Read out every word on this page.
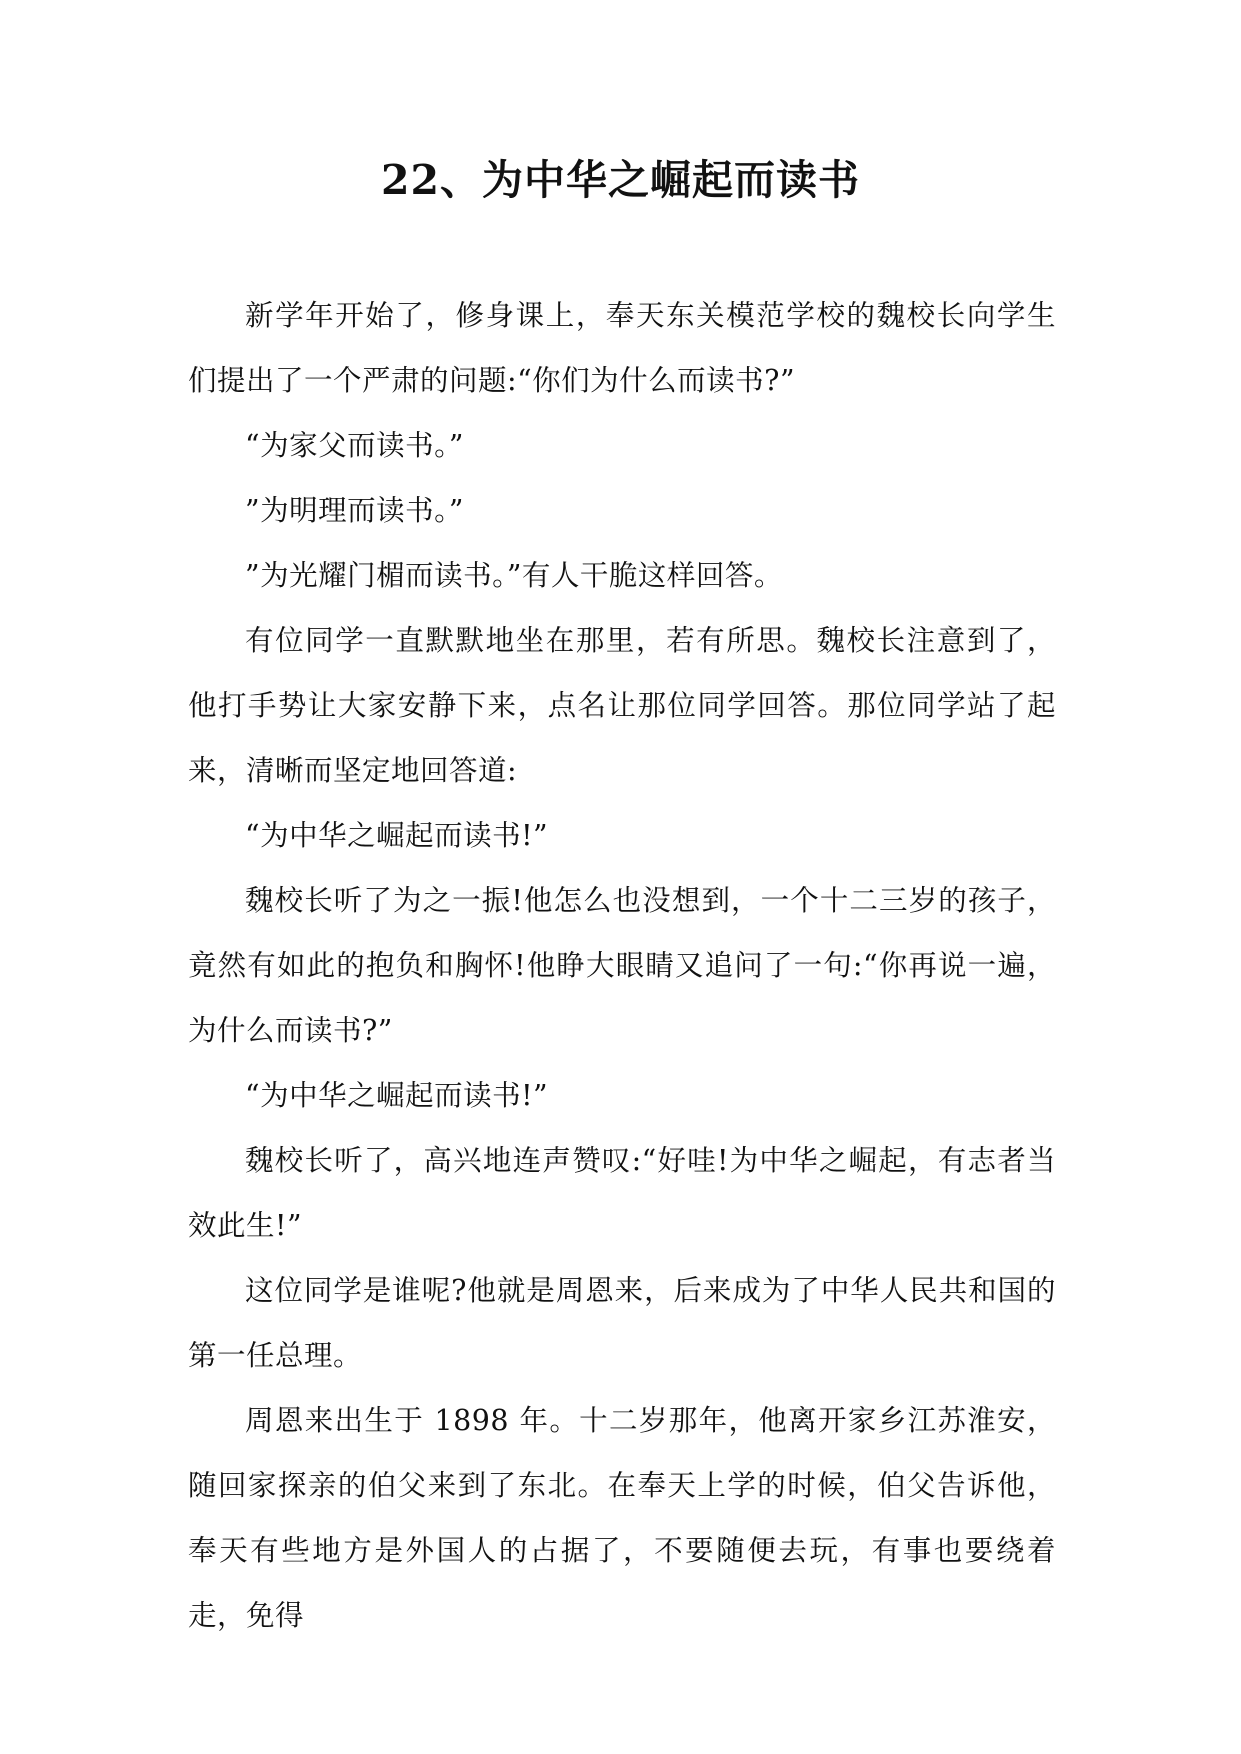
22、为中华之崛起而读书

新学年开始了，修身课上，奉天东关模范学校的魏校长向学生们提出了一个严肃的问题:“你们为什么而读书?”

“为家父而读书。”

”为明理而读书。”

”为光耀门楣而读书。”有人干脆这样回答。

有位同学一直默默地坐在那里，若有所思。魏校长注意到了，他打手势让大家安静下来，点名让那位同学回答。那位同学站了起来，清晰而坚定地回答道:

“为中华之崛起而读书!”

魏校长听了为之一振!他怎么也没想到，一个十二三岁的孩子，竟然有如此的抱负和胸怀!他睁大眼睛又追问了一句:“你再说一遍，为什么而读书?”

“为中华之崛起而读书!”

魏校长听了，高兴地连声赞叹:“好哇!为中华之崛起，有志者当效此生!”

这位同学是谁呢?他就是周恩来，后来成为了中华人民共和国的第一任总理。

周恩来出生于 1898 年。十二岁那年，他离开家乡江苏淮安，随回家探亲的伯父来到了东北。在奉天上学的时候，伯父告诉他，奉天有些地方是外国人的占据了，不要随便去玩，有事也要绕着走，免得
